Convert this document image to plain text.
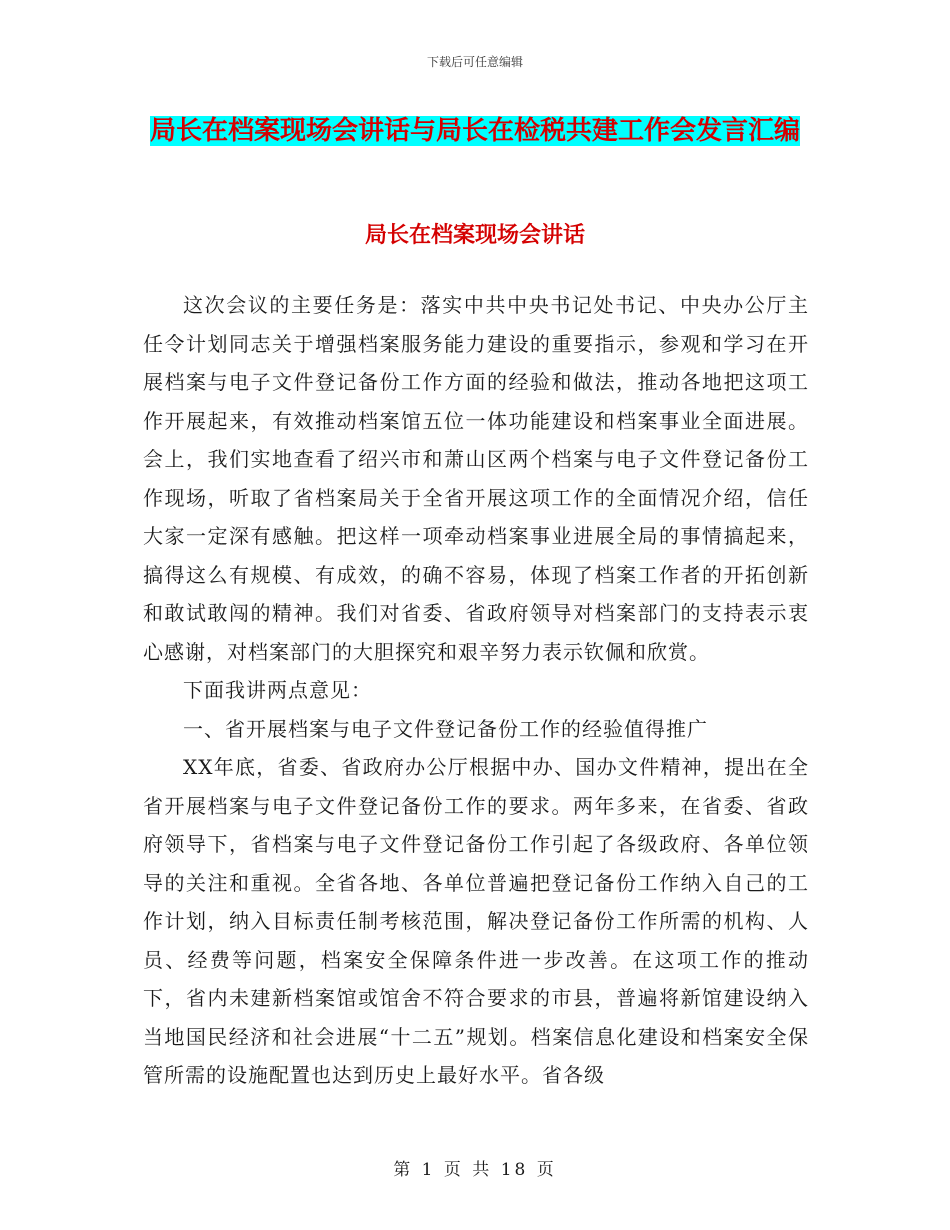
下载后可任意编辑
局长在档案现场会讲话与局长在检税共建工作会发言汇编
局长在档案现场会讲话

这次会议的主要任务是：落实中共中央书记处书记、中央办公厅主任令计划同志关于增强档案服务能力建设的重要指示，参观和学习在开展档案与电子文件登记备份工作方面的经验和做法，推动各地把这项工作开展起来，有效推动档案馆五位一体功能建设和档案事业全面进展。会上，我们实地查看了绍兴市和萧山区两个档案与电子文件登记备份工作现场，听取了省档案局关于全省开展这项工作的全面情况介绍，信任大家一定深有感触。把这样一项牵动档案事业进展全局的事情搞起来，搞得这么有规模、有成效，的确不容易，体现了档案工作者的开拓创新和敢试敢闯的精神。我们对省委、省政府领导对档案部门的支持表示衷心感谢，对档案部门的大胆探究和艰辛努力表示钦佩和欣赏。

下面我讲两点意见：

一、省开展档案与电子文件登记备份工作的经验值得推广

XX年底，省委、省政府办公厅根据中办、国办文件精神，提出在全省开展档案与电子文件登记备份工作的要求。两年多来，在省委、省政府领导下，省档案与电子文件登记备份工作引起了各级政府、各单位领导的关注和重视。全省各地、各单位普遍把登记备份工作纳入自己的工作计划，纳入目标责任制考核范围，解决登记备份工作所需的机构、人员、经费等问题，档案安全保障条件进一步改善。在这项工作的推动下，省内未建新档案馆或馆舍不符合要求的市县，普遍将新馆建设纳入当地国民经济和社会进展“十二五”规划。档案信息化建设和档案安全保管所需的设施配置也达到历史上最好水平。省各级

第 1 页 共 18 页
